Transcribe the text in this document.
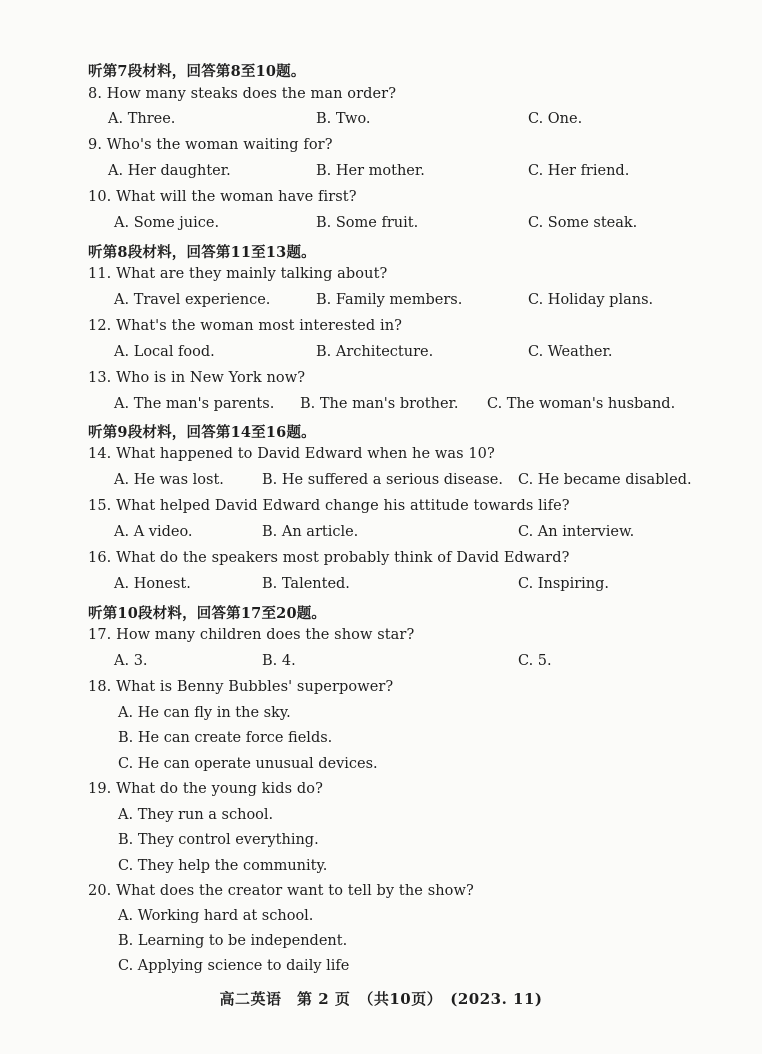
听第7段材料，回答第8至10题。
8. How many steaks does the man order?
A. Three.	B. Two.	C. One.
9. Who's the woman waiting for?
A. Her daughter.	B. Her mother.	C. Her friend.
10. What will the woman have first?
A. Some juice.	B. Some fruit.	C. Some steak.
听第8段材料，回答第11至13题。
11. What are they mainly talking about?
A. Travel experience.	B. Family members.	C. Holiday plans.
12. What's the woman most interested in?
A. Local food.	B. Architecture.	C. Weather.
13. Who is in New York now?
A. The man's parents. B. The man's brother. C. The woman's husband.
听第9段材料，回答第14至16题。
14. What happened to David Edward when he was 10?
A. He was lost.	B. He suffered a serious disease. C. He became disabled.
15. What helped David Edward change his attitude towards life?
A. A video.	B. An article.	C. An interview.
16. What do the speakers most probably think of David Edward?
A. Honest.	B. Talented.	C. Inspiring.
听第10段材料，回答第17至20题。
17. How many children does the show star?
A. 3.	B. 4.	C. 5.
18. What is Benny Bubbles' superpower?
A. He can fly in the sky.
B. He can create force fields.
C. He can operate unusual devices.
19. What do the young kids do?
A. They run a school.
B. They control everything.
C. They help the community.
20. What does the creator want to tell by the show?
A. Working hard at school.
B. Learning to be independent.
C. Applying science to daily life
高二英语　第 2 页　（共10页）　(2023. 11)
